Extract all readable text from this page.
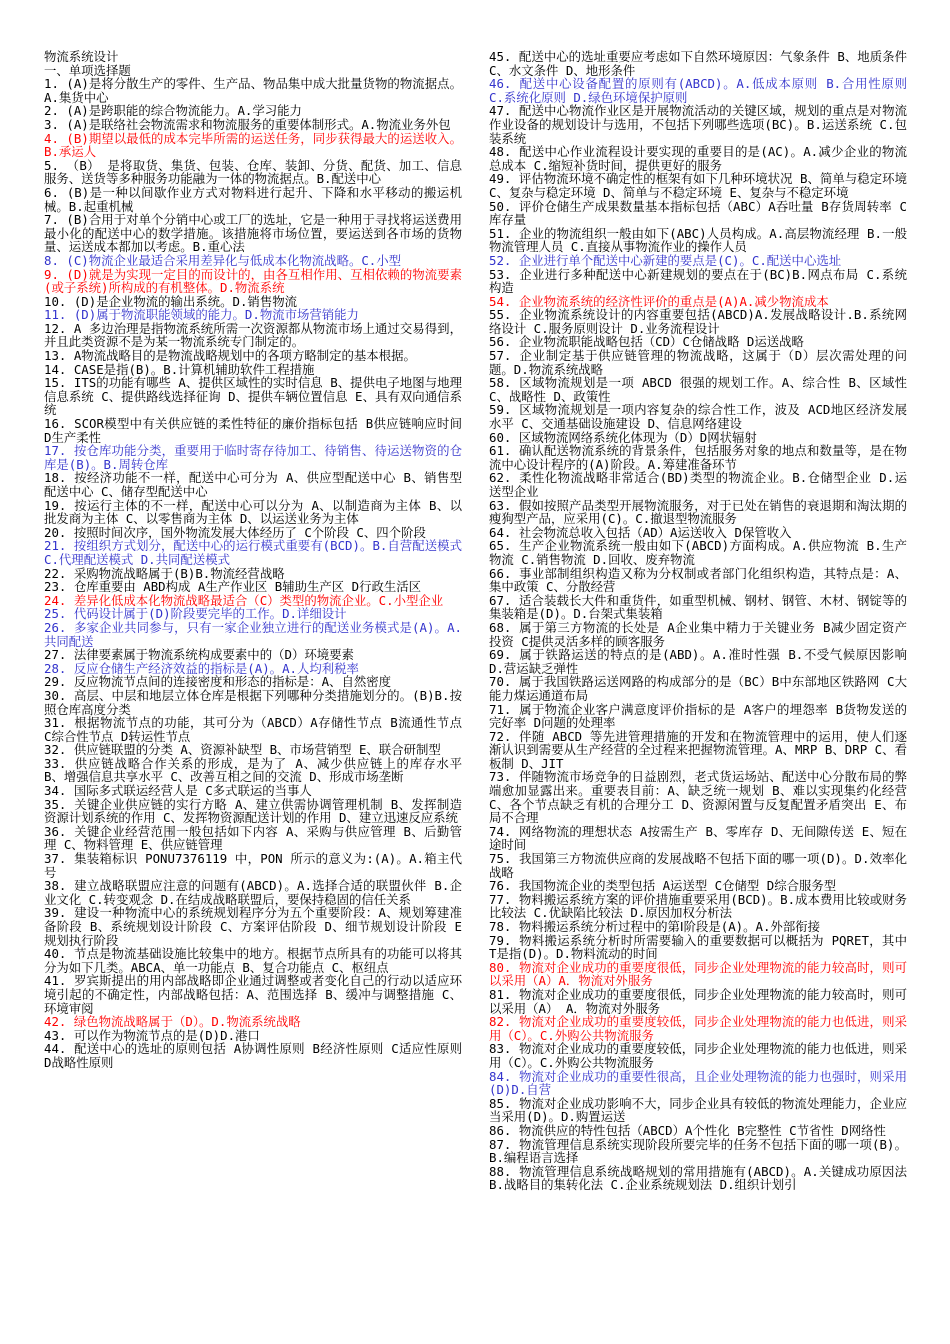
物流系统设计
一、单项选择题
1. (A)是将分散生产的零件、生产品、物品集中成大批量货物的物流据点。A.集货中心
2. (A)是跨职能的综合物流能力。A.学习能力
3. (A)是联络社会物流需求和物流服务的重要体制形式。A.物流业务外包
4. (B)期望以最低的成本完毕所需的运送任务，同步获得最大的运送收入。B.承运人
5. （B） 是将取货、集货、包装、仓库、装卸、分货、配货、加工、信息服务、送货等多种服务功能融为一体的物流据点。B.配送中心
6. (B)是一种以间歇作业方式对物料进行起升、下降和水平移动的搬运机械。B.起重机械
7. (B)合用于对单个分销中心或工厂的选址，它是一种用于寻找将运送费用最小化的配送中心的数学措施。该措施将市场位置，要运送到各市场的货物量、运送成本都加以考虑。B.重心法
8. (C)物流企业最适合采用差异化与低成本化物流战略。C.小型
9. (D)就是为实现一定目的而设计的，由各互相作用、互相依赖的物流要素(或子系统)所构成的有机整体。D.物流系统
10. (D)是企业物流的输出系统。D.销售物流
11. (D)属于物流职能领域的能力。D.物流市场营销能力
12. A 多边治理是指物流系统所需一次资源都从物流市场上通过交易得到，并且此类资源不是为某一物流系统专门制定的。
13. A物流战略目的是物流战略规划中的各项方略制定的基本根据。
14. CASE是指(B)。B.计算机辅助软件工程措施
15. ITS的功能有哪些 A、提供区域性的实时信息 B、提供电子地图与地理信息系统 C、提供路线选择征询 D、提供车辆位置信息 E、具有双向通信系统
16. SCOR模型中有关供应链的柔性特征的廉价指标包括 B供应链响应时间 D生产柔性
17. 按仓库功能分类，重要用于临时寄存待加工、待销售、待运送物资的仓库是(B)。B.周转仓库
18. 按经济功能不一样，配送中心可分为 A、供应型配送中心 B、销售型配送中心 C、储存型配送中心
19. 按运行主体的不一样，配送中心可以分为 A、以制造商为主体 B、以批发商为主体 C、以零售商为主体 D、以运送业务为主体
20. 按照时间次序，国外物流发展大体经历了 C个阶段 C、四个阶段
21. 按组织方式划分，配送中心的运行模式重要有(BCD)。B.自营配送模式 C.代理配送模式 D.共同配送模式
22. 采购物流战略属于(B)B.物流经营战略
23. 仓库重要由 ABD构成 A生产作业区 B辅助生产区 D行政生活区
24. 差异化低成本化物流战略最适合（C）类型的物流企业。C.小型企业
25. 代码设计属于(D)阶段要完毕的工作。D.详细设计
26. 多家企业共同参与，只有一家企业独立进行的配送业务模式是(A)。A.共同配送
27. 法律要素属于物流系统构成要素中的（D）环境要素
28. 反应仓储生产经济效益的指标是(A)。A.人均利税率
29. 反应物流节点间的连接密度和形态的指标是：A、自然密度
30. 高层、中层和地层立体仓库是根据下列哪种分类措施划分的。(B)B.按照仓库高度分类
31. 根据物流节点的功能，其可分为（ABCD）A存储性节点 B流通性节点 C综合性节点 D转运性节点
32. 供应链联盟的分类 A、资源补缺型 B、市场营销型 E、联合研制型
33. 供应链战略合作关系的形成，是为了 A、减少供应链上的库存水平 B、增强信息共享水平 C、改善互相之间的交流 D、形成市场垄断
34. 国际多式联运经营人是 C多式联运的当事人
35. 关键企业供应链的实行方略 A、建立供需协调管理机制 B、发挥制造资源计划系统的作用 C、发挥物资源配送计划的作用 D、建立迅速反应系统
36. 关键企业经营范围一般包括如下内容 A、采购与供应管理 B、后勤管理 C、物料管理 E、供应链管理
37. 集装箱标识 PONU7376119 中，PON 所示的意义为:(A)。A.箱主代号
38. 建立战略联盟应注意的问题有(ABCD)。A.选择合适的联盟伙伴 B.企业文化 C.转变观念 D.在结成战略联盟后，要保持稳固的信任关系
39. 建设一种物流中心的系统规划程序分为五个重要阶段：A、规划筹建准备阶段 B、系统规划设计阶段 C、方案评估阶段 D、细节规划设计阶段 E规划执行阶段
40. 节点是物流基础设施比较集中的地方。根据节点所具有的功能可以将其分为如下几类。ABCA、单一功能点 B、复合功能点 C、枢纽点
41. 罗宾斯提出的用内部战略即企业通过调整或者变化自己的行动以适应环境引起的不确定性，内部战略包括：A、范围选择 B、缓冲与调整措施 C、环境审阅
42. 绿色物流战略属于（D）。D.物流系统战略
43. 可以作为物流节点的是(D)D.港口
44. 配送中心的选址的原则包括 A协调性原则 B经济性原则 C适应性原则 D战略性原则
45. 配送中心的选址重要应考虑如下自然环境原因：气象条件 B、地质条件 C、水文条件 D、地形条件
46. 配送中心设备配置的原则有(ABCD)。A.低成本原则 B.合用性原则 C.系统化原则 D.绿色环境保护原则
47. 配送中心物流作业区是开展物流活动的关键区域，规划的重点是对物流作业设备的规划设计与选用，不包括下列哪些选项(BC)。B.运送系统 C.包装系统
48. 配送中心作业流程设计要实现的重要目的是(AC)。A.减少企业的物流总成本 C.缩短补货时间，提供更好的服务
49. 评估物流环境不确定性的框架有如下几种环境状况 B、简单与稳定环境 C、复杂与稳定环境 D、简单与不稳定环境 E、复杂与不稳定环境
50. 评价仓储生产成果数量基本指标包括（ABC）A吞吐量 B存货周转率 C库存量
51. 企业的物流组织一般由如下(ABC)人员构成。A.高层物流经理 B.一般物流管理人员 C.直接从事物流作业的操作人员
52. 企业进行单个配送中心新建的要点是(C)。C.配送中心选址
53. 企业进行多种配送中心新建规划的要点在于(BC)B.网点布局 C.系统构造
54. 企业物流系统的经济性评价的重点是(A)A.减少物流成本
55. 企业物流系统设计的内容重要包括(ABCD)A.发展战略设计.B.系统网络设计 C.服务原则设计 D.业务流程设计
56. 企业物流职能战略包括（CD）C仓储战略 D运送战略
57. 企业制定基于供应链管理的物流战略，这属于（D）层次需处理的问题。D.物流系统战略
58. 区域物流规划是一项 ABCD 很强的规划工作。A、综合性 B、区域性 C、战略性 D、政策性
59. 区域物流规划是一项内容复杂的综合性工作，波及 ACD地区经济发展水平 C、交通基础设施建设 D、信息网络建设
60. 区域物流网络系统化体现为（D）D网状辐射
61. 确认配送物流系统的背景条件，包括服务对象的地点和数量等，是在物流中心设计程序的(A)阶段。A.筹建准备环节
62. 柔性化物流战略非常适合(BD)类型的物流企业。B.仓储型企业 D.运送型企业
63. 假如按照产品类型开展物流服务，对于已处在销售的衰退期和淘汰期的瘦狗型产品，应采用(C)。C.撤退型物流服务
64. 社会物流总收入包括（AD）A运送收入 D保管收入
65. 生产企业物流系统一般由如下(ABCD)方面构成。A.供应物流 B.生产物流 C.销售物流 D.回收、废弃物流
66. 事业部制组织构造又称为分权制或者部门化组织构造，其特点是：A、集中政策 C、分散经营
67. 适合装载长大件和重货件，如重型机械、钢材、钢管、木材、钢锭等的集装箱是(D)。D.台架式集装箱
68. 属于第三方物流的长处是 A企业集中精力于关键业务 B减少固定资产投资 C提供灵活多样的顾客服务
69. 属于铁路运送的特点的是(ABD)。A.准时性强 B.不受气候原因影响 D.营运缺乏弹性
70. 属于我国铁路运送网路的构成部分的是（BC）B中东部地区铁路网 C大能力煤运通道布局
71. 属于物流企业客户满意度评价指标的是 A客户的埋怨率 B货物发送的完好率 D问题的处理率
72. 伴随 ABCD 等先进管理措施的开发和在物流管理中的运用，使人们逐渐认识到需要从生产经营的全过程来把握物流管理。A、MRP B、DRP C、看板制 D、JIT
73. 伴随物流市场竞争的日益剧烈，老式货运场站、配送中心分散布局的弊端愈加显露出来。重要表目前：A、缺乏统一规划 B、难以实现集约化经营 C、各个节点缺乏有机的合理分工 D、资源闲置与反复配置矛盾突出 E、布局不合理
74. 网络物流的理想状态 A按需生产 B、零库存 D、无间隙传送 E、短在途时间
75. 我国第三方物流供应商的发展战略不包括下面的哪一项(D)。D.效率化战略
76. 我国物流企业的类型包括 A运送型 C仓储型 D综合服务型
77. 物料搬运系统方案的评价措施重要采用(BCD)。B.成本费用比较或财务比较法 C.优缺陷比较法 D.原因加权分析法
78. 物料搬运系统分析过程中的第Ⅰ阶段是(A)。A.外部衔接
79. 物料搬运系统分析时所需要输入的重要数据可以概括为 PQRET，其中 T是指(D)。D.物料流动的时间
80. 物流对企业成功的重要度很低，同步企业处理物流的能力较高时，则可以采用（A）A．物流对外服务
81. 物流对企业成功的重要度很低，同步企业处理物流的能力较高时，则可以采用（A） A．物流对外服务
82. 物流对企业成功的重要度较低，同步企业处理物流的能力也低进，则采用（C）。C.外购公共物流服务
83. 物流对企业成功的重要度较低，同步企业处理物流的能力也低进，则采用（C）。C.外购公共物流服务
84. 物流对企业成功的重要性很高，且企业处理物流的能力也强时，则采用(D)D.自营
85. 物流对企业成功影响不大，同步企业具有较低的物流处理能力，企业应当采用(D)。D.购置运送
86. 物流供应的特性包括（ABCD）A个性化 B完整性 C节省性 D网络性
87. 物流管理信息系统实现阶段所要完毕的任务不包括下面的哪一项(B)。B.编程语言选择
88. 物流管理信息系统战略规划的常用措施有(ABCD)。A.关键成功原因法 B.战略目的集转化法 C.企业系统规划法 D.组织计划引
